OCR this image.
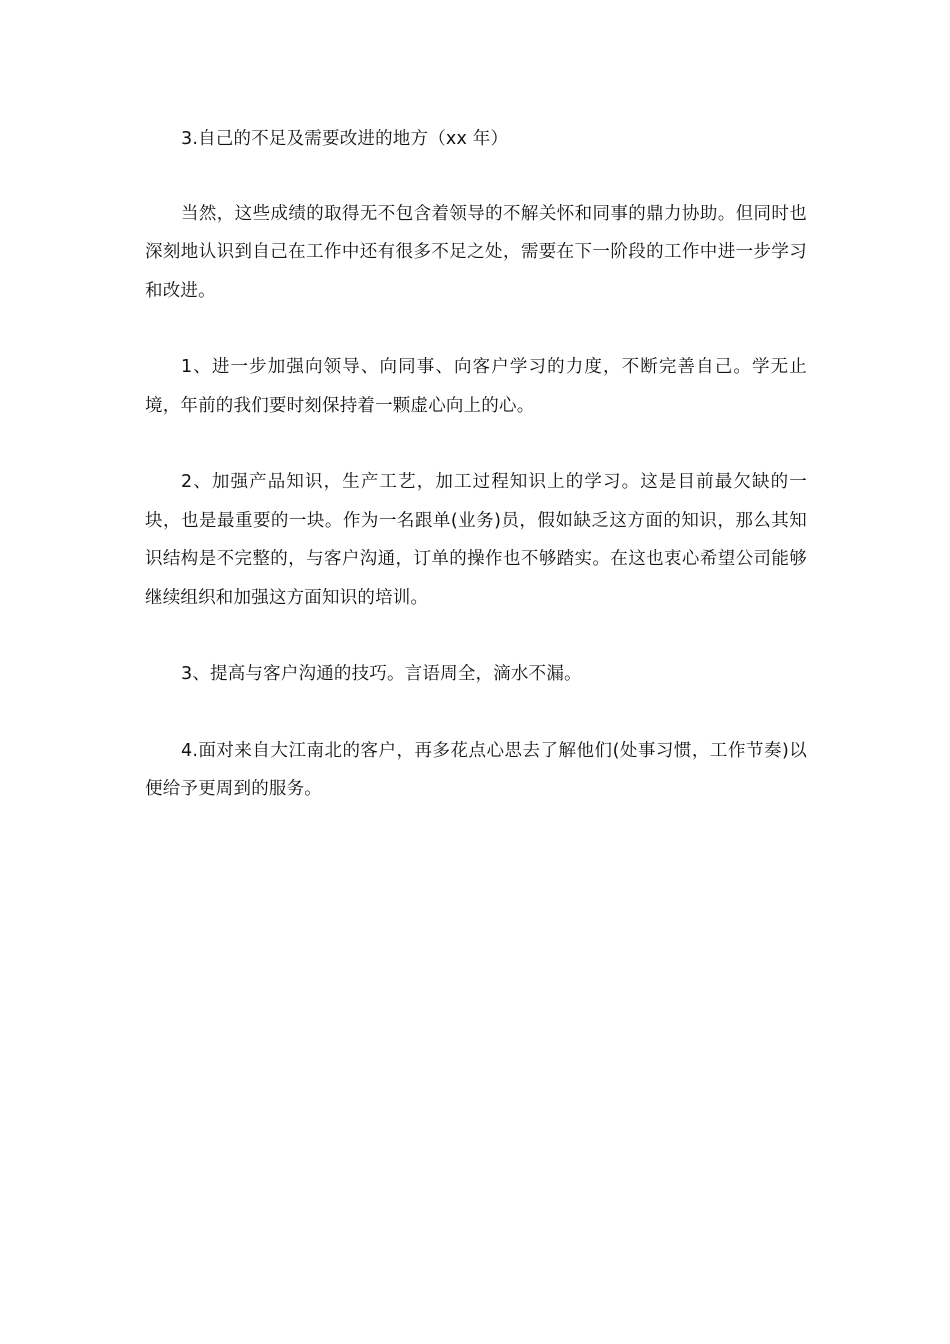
3.自己的不足及需要改进的地方（xx 年）

当然，这些成绩的取得无不包含着领导的不解关怀和同事的鼎力协助。但同时也深刻地认识到自己在工作中还有很多不足之处，需要在下一阶段的工作中进一步学习和改进。

1、进一步加强向领导、向同事、向客户学习的力度，不断完善自己。学无止境，年前的我们要时刻保持着一颗虚心向上的心。

2、加强产品知识，生产工艺，加工过程知识上的学习。这是目前最欠缺的一块，也是最重要的一块。作为一名跟单(业务)员，假如缺乏这方面的知识，那么其知识结构是不完整的，与客户沟通，订单的操作也不够踏实。在这也衷心希望公司能够继续组织和加强这方面知识的培训。

3、提高与客户沟通的技巧。言语周全，滴水不漏。

4.面对来自大江南北的客户，再多花点心思去了解他们(处事习惯，工作节奏)以便给予更周到的服务。
